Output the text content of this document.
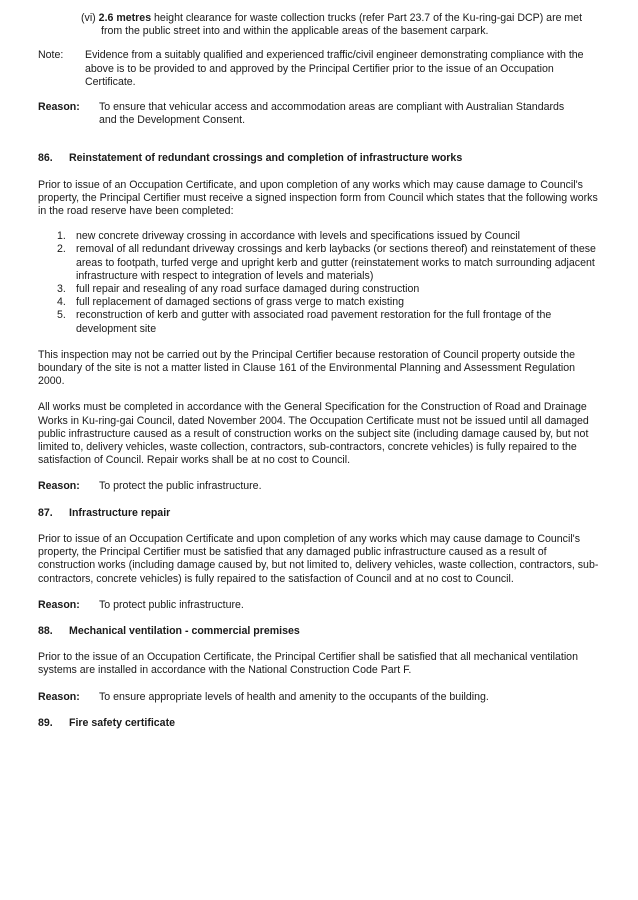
(vi) 2.6 metres height clearance for waste collection trucks (refer Part 23.7 of the Ku-ring-gai DCP) are met from the public street into and within the applicable areas of the basement carpark.
Note:	Evidence from a suitably qualified and experienced traffic/civil engineer demonstrating compliance with the above is to be provided to and approved by the Principal Certifier prior to the issue of an Occupation Certificate.
Reason:	To ensure that vehicular access and accommodation areas are compliant with Australian Standards and the Development Consent.
86.	Reinstatement of redundant crossings and completion of infrastructure works

Prior to issue of an Occupation Certificate, and upon completion of any works which may cause damage to Council's property, the Principal Certifier must receive a signed inspection form from Council which states that the following works in the road reserve have been completed:

1. new concrete driveway crossing in accordance with levels and specifications issued by Council
2. removal of all redundant driveway crossings and kerb laybacks (or sections thereof) and reinstatement of these areas to footpath, turfed verge and upright kerb and gutter (reinstatement works to match surrounding adjacent infrastructure with respect to integration of levels and materials)
3. full repair and resealing of any road surface damaged during construction
4. full replacement of damaged sections of grass verge to match existing
5. reconstruction of kerb and gutter with associated road pavement restoration for the full frontage of the development site

This inspection may not be carried out by the Principal Certifier because restoration of Council property outside the boundary of the site is not a matter listed in Clause 161 of the Environmental Planning and Assessment Regulation 2000.

All works must be completed in accordance with the General Specification for the Construction of Road and Drainage Works in Ku-ring-gai Council, dated November 2004. The Occupation Certificate must not be issued until all damaged public infrastructure caused as a result of construction works on the subject site (including damage caused by, but not limited to, delivery vehicles, waste collection, contractors, sub-contractors, concrete vehicles) is fully repaired to the satisfaction of Council. Repair works shall be at no cost to Council.

Reason:	To protect the public infrastructure.
87.	Infrastructure repair

Prior to issue of an Occupation Certificate and upon completion of any works which may cause damage to Council's property, the Principal Certifier must be satisfied that any damaged public infrastructure caused as a result of construction works (including damage caused by, but not limited to, delivery vehicles, waste collection, contractors, sub-contractors, concrete vehicles) is fully repaired to the satisfaction of Council and at no cost to Council.

Reason:	To protect public infrastructure.
88.	Mechanical ventilation - commercial premises

Prior to the issue of an Occupation Certificate, the Principal Certifier shall be satisfied that all mechanical ventilation systems are installed in accordance with the National Construction Code Part F.

Reason:	To ensure appropriate levels of health and amenity to the occupants of the building.
89.	Fire safety certificate
